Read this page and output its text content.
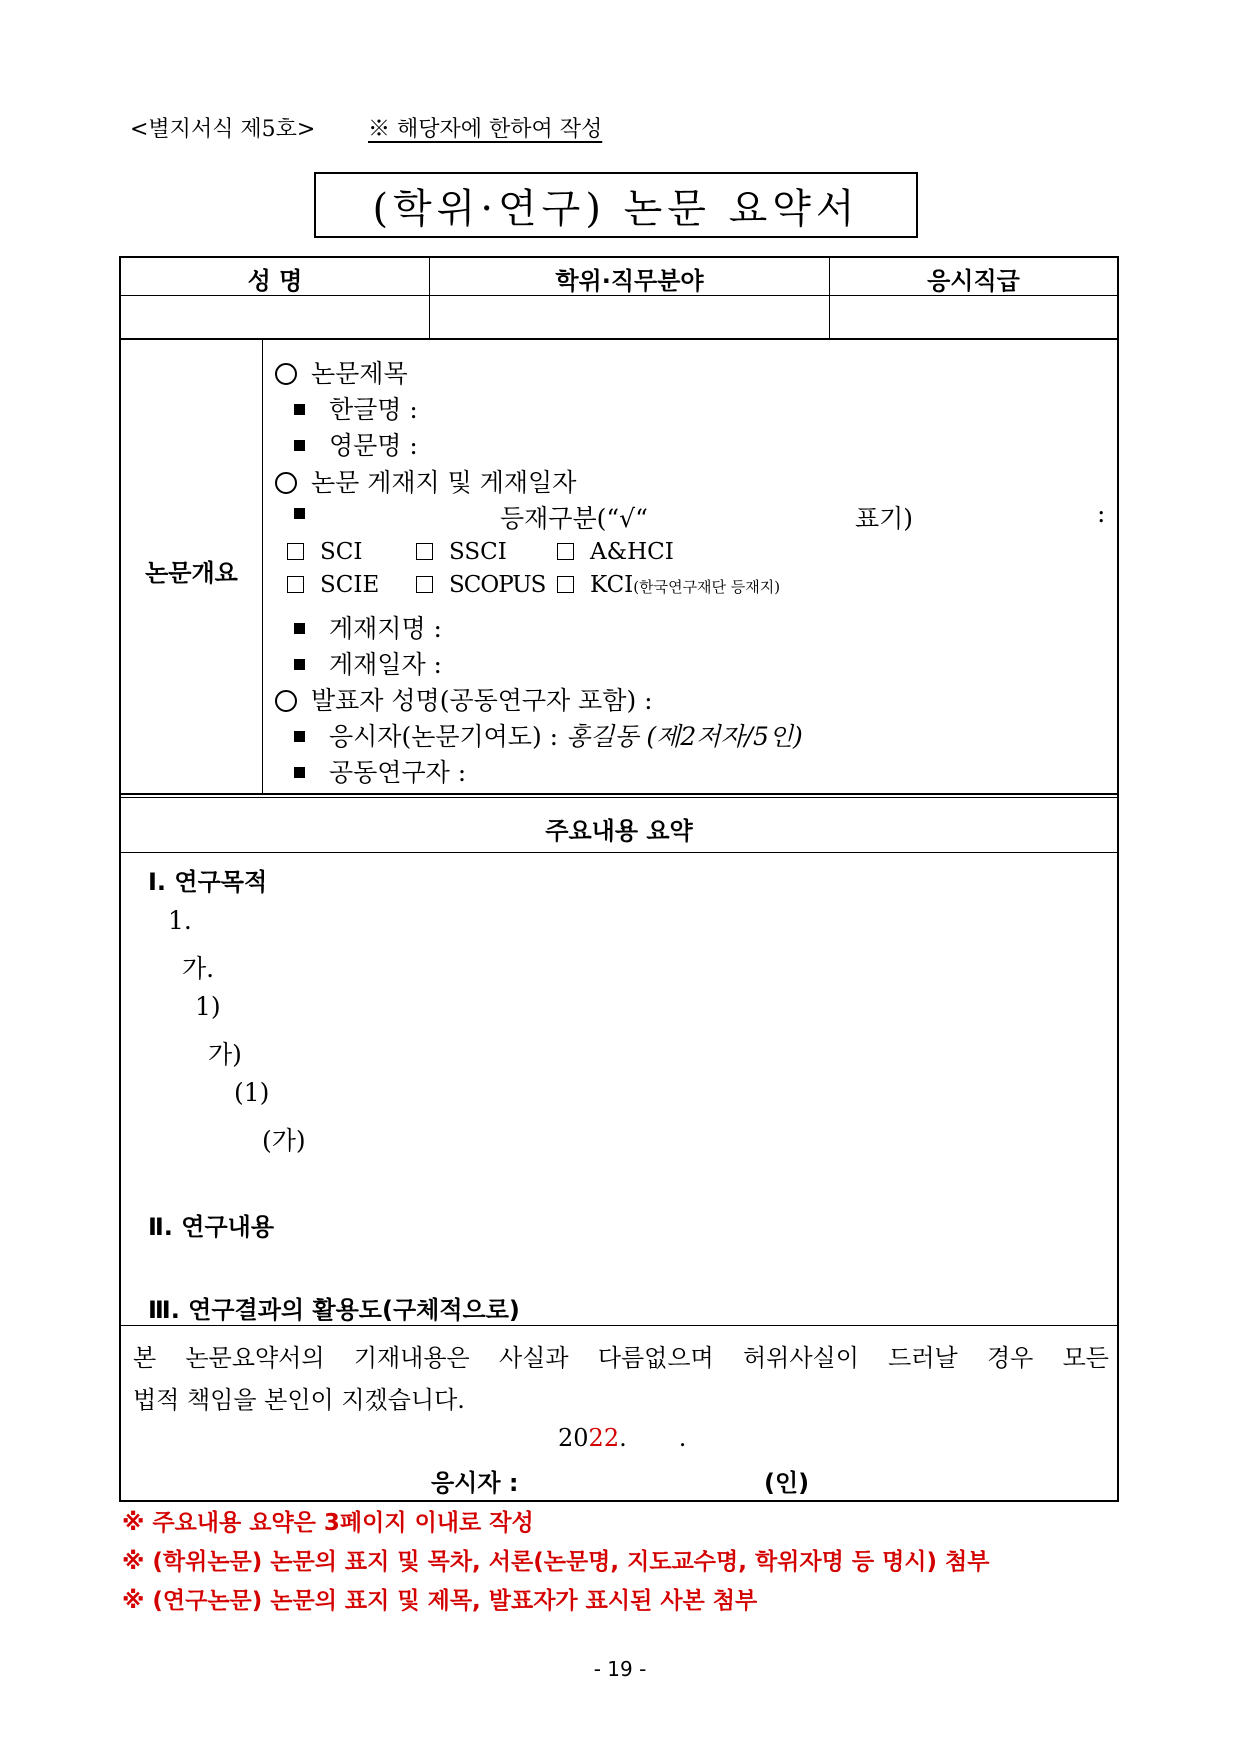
<별지서식 제5호> ※ 해당자에 한하여 작성
(학위·연구) 논문 요약서
성 명	학위·직무분야	응시직급
논문개요
논문제목
한글명 :
영문명 :
논문 게재지 및 게재일자
등재구분(“√“	표기)	:
SCI	SSCI	A&HCI
SCIE	SCOPUS	KCI(한국연구재단 등재지)
게재지명 :
게재일자 :
발표자 성명(공동연구자 포함) :
응시자(논문기여도) : 홍길동 (제2저자/5인)
공동연구자 :
주요내용 요약
Ⅰ. 연구목적
1.
가.
1)
가)
(1)
(가)
Ⅱ. 연구내용
Ⅲ. 연구결과의 활용도(구체적으로)
본 논문요약서의 기재내용은 사실과 다름없으며 허위사실이 드러날 경우 모든
법적 책임을 본인이 지겠습니다.
2022. .
응시자 :	(인)
※ 주요내용 요약은 3페이지 이내로 작성
※ (학위논문) 논문의 표지 및 목차, 서론(논문명, 지도교수명, 학위자명 등 명시) 첨부
※ (연구논문) 논문의 표지 및 제목, 발표자가 표시된 사본 첨부
- 19 -
